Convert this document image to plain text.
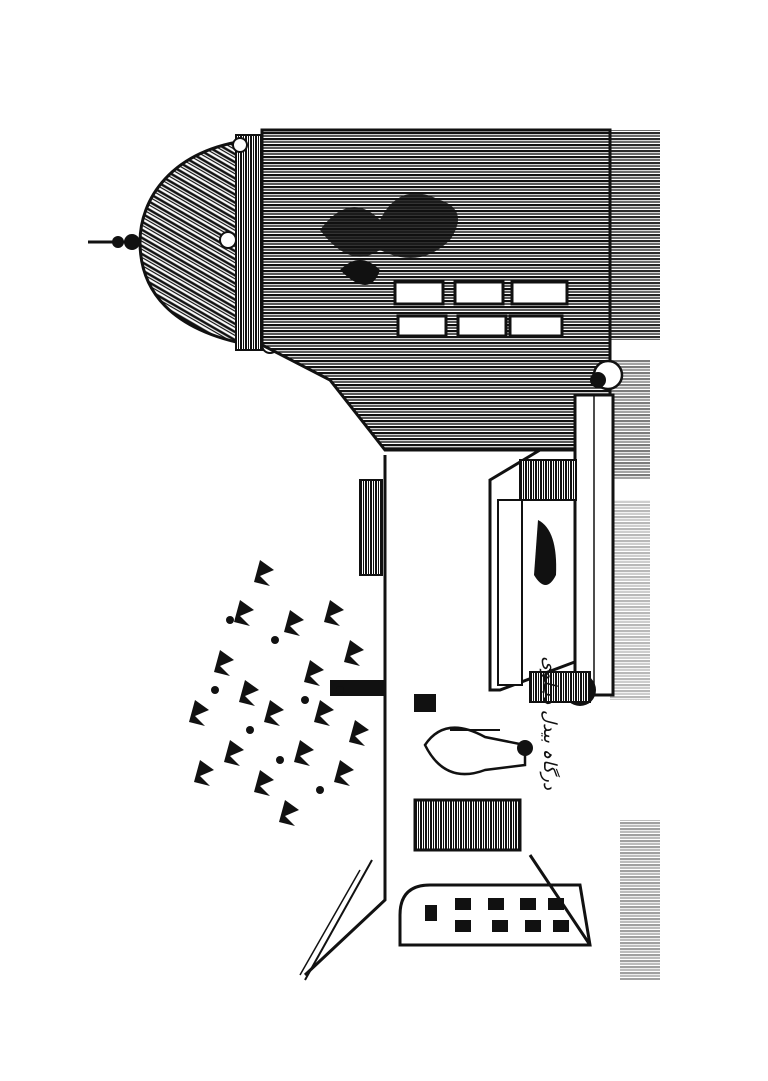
درگاہ بیدل دہلوی
